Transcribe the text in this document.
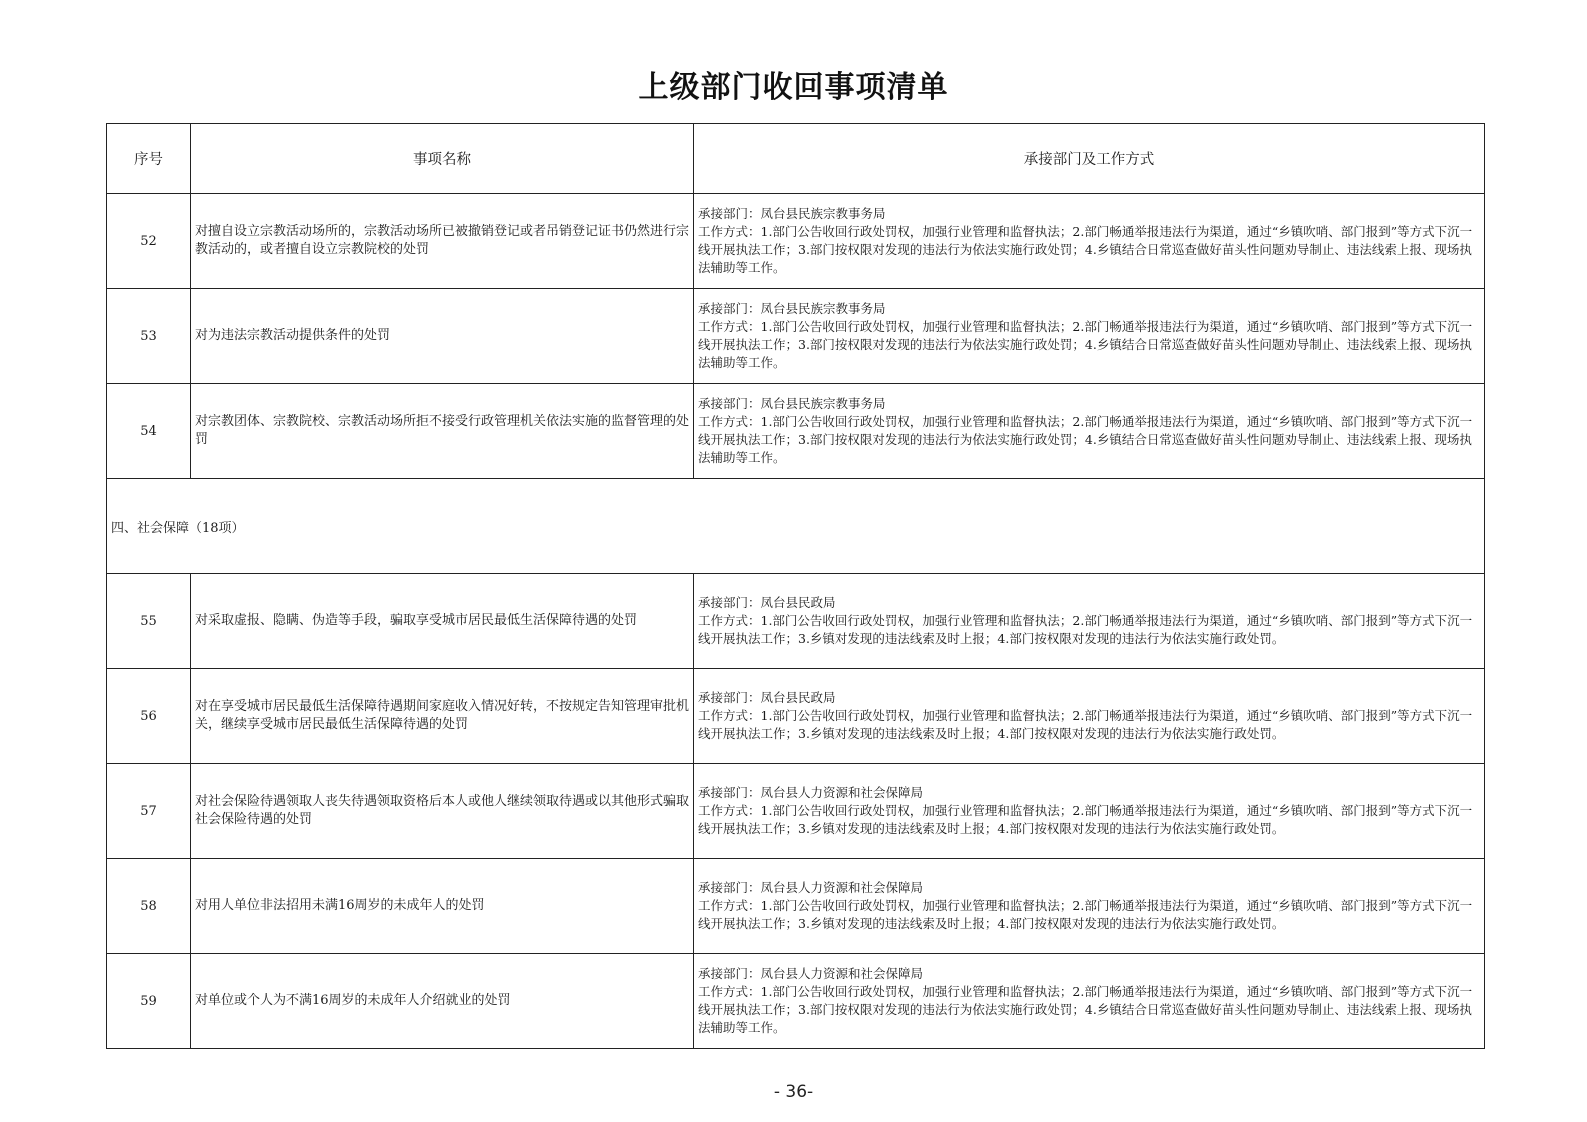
上级部门收回事项清单
序号	事项名称	承接部门及工作方式
52	对擅自设立宗教活动场所的，宗教活动场所已被撤销登记或者吊销登记证书仍然进行宗教活动的，或者擅自设立宗教院校的处罚	承接部门：凤台县民族宗教事务局
工作方式：1.部门公告收回行政处罚权，加强行业管理和监督执法；2.部门畅通举报违法行为渠道，通过“乡镇吹哨、部门报到”等方式下沉一线开展执法工作；3.部门按权限对发现的违法行为依法实施行政处罚；4.乡镇结合日常巡查做好苗头性问题劝导制止、违法线索上报、现场执法辅助等工作。

53	对为违法宗教活动提供条件的处罚	承接部门：凤台县民族宗教事务局
工作方式：1.部门公告收回行政处罚权，加强行业管理和监督执法；2.部门畅通举报违法行为渠道，通过“乡镇吹哨、部门报到”等方式下沉一线开展执法工作；3.部门按权限对发现的违法行为依法实施行政处罚；4.乡镇结合日常巡查做好苗头性问题劝导制止、违法线索上报、现场执法辅助等工作。

54	对宗教团体、宗教院校、宗教活动场所拒不接受行政管理机关依法实施的监督管理的处罚	承接部门：凤台县民族宗教事务局
工作方式：1.部门公告收回行政处罚权，加强行业管理和监督执法；2.部门畅通举报违法行为渠道，通过“乡镇吹哨、部门报到”等方式下沉一线开展执法工作；3.部门按权限对发现的违法行为依法实施行政处罚；4.乡镇结合日常巡查做好苗头性问题劝导制止、违法线索上报、现场执法辅助等工作。

四、社会保障（18项）		
55	对采取虚报、隐瞒、伪造等手段，骗取享受城市居民最低生活保障待遇的处罚	承接部门：凤台县民政局
工作方式：1.部门公告收回行政处罚权，加强行业管理和监督执法；2.部门畅通举报违法行为渠道，通过“乡镇吹哨、部门报到”等方式下沉一线开展执法工作；3.乡镇对发现的违法线索及时上报；4.部门按权限对发现的违法行为依法实施行政处罚。

56	对在享受城市居民最低生活保障待遇期间家庭收入情况好转，不按规定告知管理审批机关，继续享受城市居民最低生活保障待遇的处罚	承接部门：凤台县民政局
工作方式：1.部门公告收回行政处罚权，加强行业管理和监督执法；2.部门畅通举报违法行为渠道，通过“乡镇吹哨、部门报到”等方式下沉一线开展执法工作；3.乡镇对发现的违法线索及时上报；4.部门按权限对发现的违法行为依法实施行政处罚。

57	对社会保险待遇领取人丧失待遇领取资格后本人或他人继续领取待遇或以其他形式骗取社会保险待遇的处罚	承接部门：凤台县人力资源和社会保障局
工作方式：1.部门公告收回行政处罚权，加强行业管理和监督执法；2.部门畅通举报违法行为渠道，通过“乡镇吹哨、部门报到”等方式下沉一线开展执法工作；3.乡镇对发现的违法线索及时上报；4.部门按权限对发现的违法行为依法实施行政处罚。

58	对用人单位非法招用未满16周岁的未成年人的处罚	承接部门：凤台县人力资源和社会保障局
工作方式：1.部门公告收回行政处罚权，加强行业管理和监督执法；2.部门畅通举报违法行为渠道，通过“乡镇吹哨、部门报到”等方式下沉一线开展执法工作；3.乡镇对发现的违法线索及时上报；4.部门按权限对发现的违法行为依法实施行政处罚。

59	对单位或个人为不满16周岁的未成年人介绍就业的处罚	承接部门：凤台县人力资源和社会保障局
工作方式：1.部门公告收回行政处罚权，加强行业管理和监督执法；2.部门畅通举报违法行为渠道，通过“乡镇吹哨、部门报到”等方式下沉一线开展执法工作；3.部门按权限对发现的违法行为依法实施行政处罚；4.乡镇结合日常巡查做好苗头性问题劝导制止、违法线索上报、现场执法辅助等工作。
- 36-
